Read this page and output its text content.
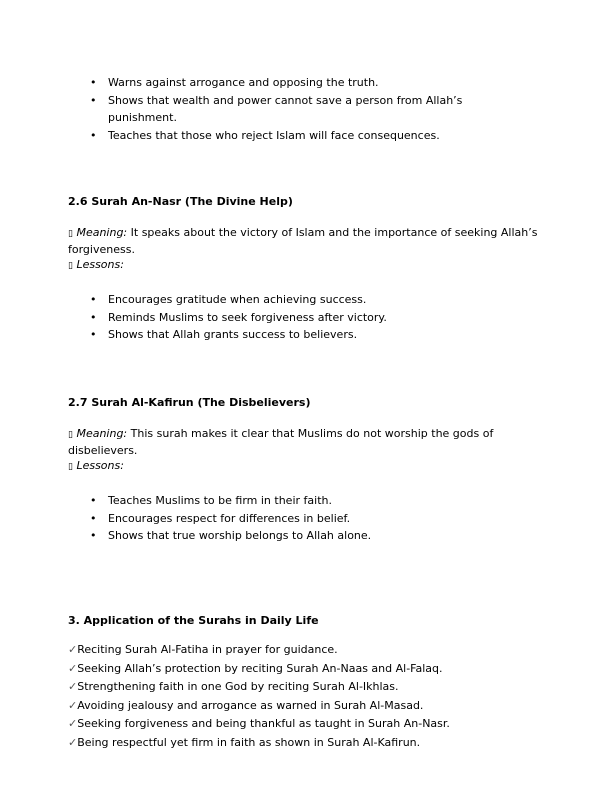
• Warns against arrogance and opposing the truth.
• Shows that wealth and power cannot save a person from Allah’s punishment.
• Teaches that those who reject Islam will face consequences.
2.6 Surah An-Nasr (The Divine Help)

▯ Meaning: It speaks about the victory of Islam and the importance of seeking Allah’s forgiveness.

▯ Lessons:

• Encourages gratitude when achieving success.
• Reminds Muslims to seek forgiveness after victory.
• Shows that Allah grants success to believers.
2.7 Surah Al-Kafirun (The Disbelievers)

▯ Meaning: This surah makes it clear that Muslims do not worship the gods of disbelievers.

▯ Lessons:

• Teaches Muslims to be firm in their faith.
• Encourages respect for differences in belief.
• Shows that true worship belongs to Allah alone.
3. Application of the Surahs in Daily Life
✓Reciting Surah Al-Fatiha in prayer for guidance.
✓Seeking Allah’s protection by reciting Surah An-Naas and Al-Falaq.
✓Strengthening faith in one God by reciting Surah Al-Ikhlas.
✓Avoiding jealousy and arrogance as warned in Surah Al-Masad.
✓Seeking forgiveness and being thankful as taught in Surah An-Nasr.
✓Being respectful yet firm in faith as shown in Surah Al-Kafirun.
